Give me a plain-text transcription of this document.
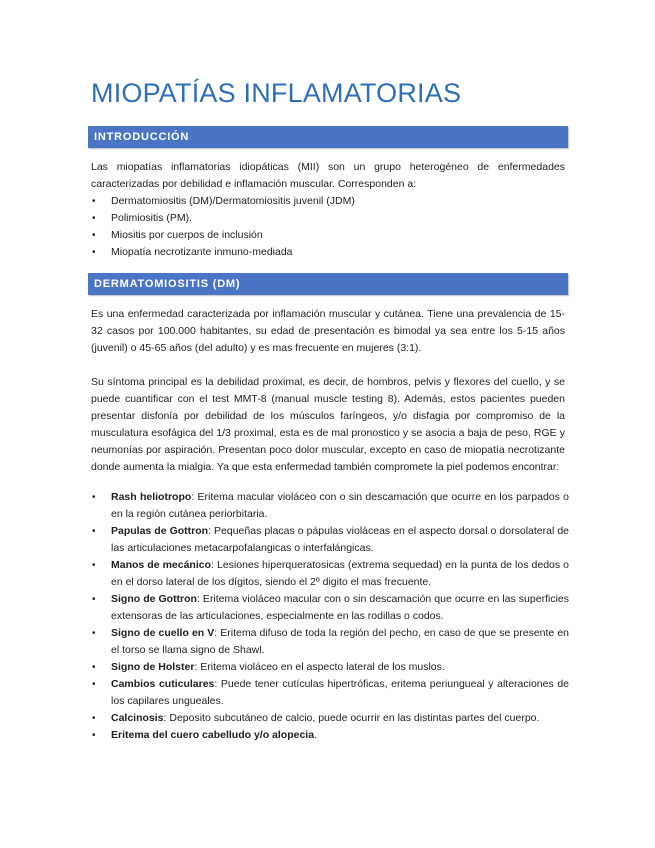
MIOPATÍAS INFLAMATORIAS
INTRODUCCIÓN
Las miopatías inflamatorias idiopáticas (MII) son un grupo heterogéneo de enfermedades caracterizadas por debilidad e inflamación muscular. Corresponden a:
• Dermatomiositis (DM)/Dermatomiositis juvenil (JDM)
• Polimiositis (PM).
• Miositis por cuerpos de inclusión
• Miopatía necrotizante inmuno-mediada
DERMATOMIOSITIS (DM)
Es una enfermedad caracterizada por inflamación muscular y cutánea. Tiene una prevalencia de 15-32 casos por 100.000 habitantes, su edad de presentación es bimodal ya sea entre los 5-15 años (juvenil) o 45-65 años (del adulto) y es mas frecuente en mujeres (3:1).
Su síntoma principal es la debilidad proximal, es decir, de hombros, pelvis y flexores del cuello, y se puede cuantificar con el test MMT-8 (manual muscle testing 8). Además, estos pacientes pueden presentar disfonía por debilidad de los músculos faríngeos, y/o disfagia por compromiso de la musculatura esofágica del 1/3 proximal, esta es de mal pronostico y se asocia a baja de peso, RGE y neumonías por aspiración. Presentan poco dolor muscular, excepto en caso de miopatía necrotizante donde aumenta la mialgia. Ya que esta enfermedad también compromete la piel podemos encontrar:
• Rash heliotropo: Eritema macular violáceo con o sin descamación que ocurre en los parpados o en la región cutánea periorbitaria.
• Papulas de Gottron: Pequeñas placas o pápulas violáceas en el aspecto dorsal o dorsolateral de las articulaciones metacarpofalangicas o interfalángicas.
• Manos de mecánico: Lesiones hiperqueratosicas (extrema sequedad) en la punta de los dedos o en el dorso lateral de los dígitos, siendo el 2º digito el mas frecuente.
• Signo de Gottron: Eritema violáceo macular con o sin descamación que ocurre en las superficies extensoras de las articulaciones, especialmente en las rodillas o codos.
• Signo de cuello en V: Eritema difuso de toda la región del pecho, en caso de que se presente en el torso se llama signo de Shawl.
• Signo de Holster: Eritema violáceo en el aspecto lateral de los muslos.
• Cambios cuticulares: Puede tener cutículas hipertróficas, eritema periungueal y alteraciones de los capilares ungueales.
• Calcinosis: Deposito subcutáneo de calcio, puede ocurrir en las distintas partes del cuerpo.
• Eritema del cuero cabelludo y/o alopecia.
